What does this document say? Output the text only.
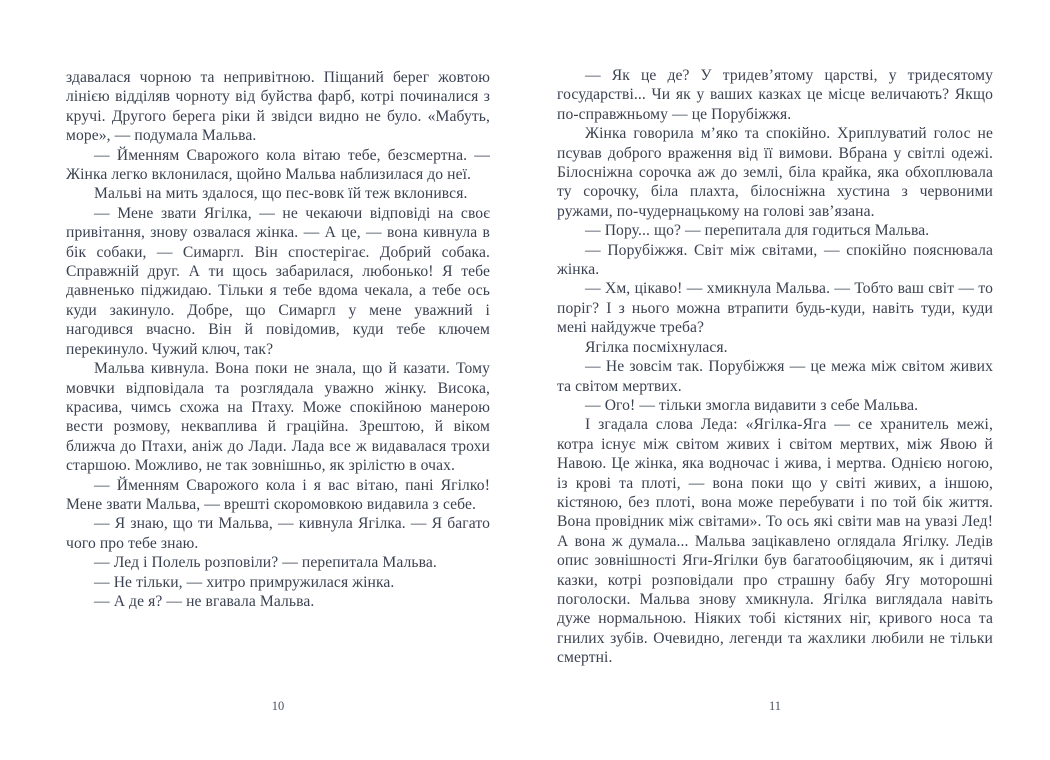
здавалася чорною та непривітною. Піщаний берег жовтою лінією відділяв чорноту від буйства фарб, котрі починалися з кручі. Другого берега ріки й звідси видно не було. «Мабуть, море», — подумала Мальва.

— Йменням Сварожого кола вітаю тебе, безсмертна. — Жінка легко вклонилася, щойно Мальва наблизилася до неї.

Мальві на мить здалося, що пес-вовк їй теж вклонився.

— Мене звати Ягілка, — не чекаючи відповіді на своє привітання, знову озвалася жінка. — А це, — вона кивнула в бік собаки, — Симаргл. Він спостерігає. Добрий собака. Справжній друг. А ти щось забарилася, любонько! Я тебе давненько піджидаю. Тільки я тебе вдома чекала, а тебе ось куди закинуло. Добре, що Симаргл у мене уважний і нагодився вчасно. Він й повідомив, куди тебе ключем перекинуло. Чужий ключ, так?

Мальва кивнула. Вона поки не знала, що й казати. Тому мовчки відповідала та розглядала уважно жінку. Висока, красива, чимсь схожа на Птаху. Може спокійною манерою вести розмову, некваплива й граційна. Зрештою, й віком ближча до Птахи, аніж до Лади. Лада все ж видавалася трохи старшою. Можливо, не так зовнішньо, як зрілістю в очах.

— Йменням Сварожого кола і я вас вітаю, пані Ягілко! Мене звати Мальва, — врешті скоромовкою видавила з себе.

— Я знаю, що ти Мальва, — кивнула Ягілка. — Я багато чого про тебе знаю.

— Лед і Полель розповіли? — перепитала Мальва.

— Не тільки, — хитро примружилася жінка.

— А де я? — не вгавала Мальва.

10

— Як це де? У тридев’ятому царстві, у тридесятому государстві... Чи як у ваших казках це місце величають? Якщо по-справжньому — це Порубіжжя.

Жінка говорила м’яко та спокійно. Хриплуватий голос не псував доброго враження від її вимови. Вбрана у світлі одежі. Білосніжна сорочка аж до землі, біла крайка, яка обхоплювала ту сорочку, біла плахта, білосніжна хустина з червоними ружами, по-чудернацькому на голові зав’язана.

— Пору... що? — перепитала для годиться Мальва.

— Порубіжжя. Світ між світами, — спокійно пояснювала жінка.

— Хм, цікаво! — хмикнула Мальва. — Тобто ваш світ — то поріг? І з нього можна втрапити будь-куди, навіть туди, куди мені найдужче треба?

Ягілка посміхнулася.

— Не зовсім так. Порубіжжя — це межа між світом живих та світом мертвих.

— Ого! — тільки змогла видавити з себе Мальва.

І згадала слова Леда: «Ягілка-Яга — се хранитель межі, котра існує між світом живих і світом мертвих, між Явою й Навою. Це жінка, яка водночас і жива, і мертва. Однією ногою, із крові та плоті, — вона поки що у світі живих, а іншою, кістяною, без плоті, вона може перебувати і по той бік життя. Вона провідник між світами». То ось які світи мав на увазі Лед! А вона ж думала... Мальва зацікавлено оглядала Ягілку. Ледів опис зовнішності Яги-Ягілки був багатообіцяючим, як і дитячі казки, котрі розповідали про страшну бабу Ягу моторошні поголоски. Мальва знову хмикнула. Ягілка виглядала навіть дуже нормальною. Ніяких тобі кістяних ніг, кривого носа та гнилих зубів. Очевидно, легенди та жахлики любили не тільки смертні.

11
